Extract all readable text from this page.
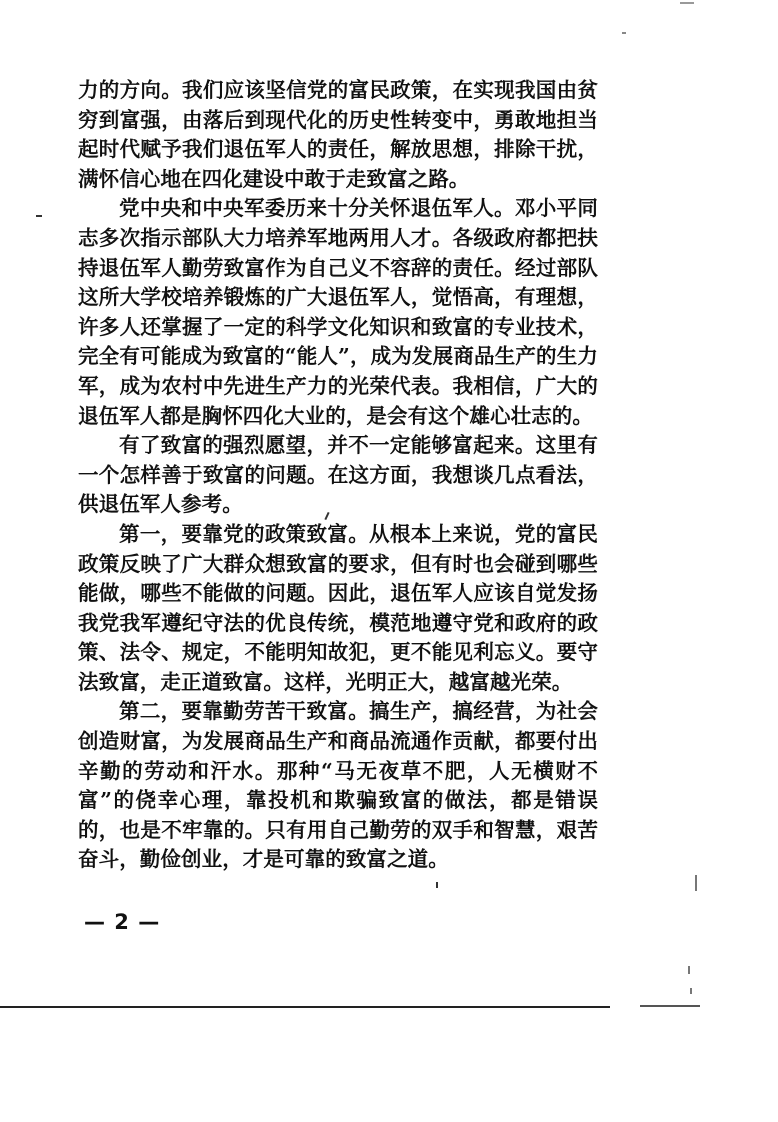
力的方向。我们应该坚信党的富民政策，在实现我国由贫穷到富强，由落后到现代化的历史性转变中，勇敢地担当起时代赋予我们退伍军人的责任，解放思想，排除干扰，满怀信心地在四化建设中敢于走致富之路。

党中央和中央军委历来十分关怀退伍军人。邓小平同志多次指示部队大力培养军地两用人才。各级政府都把扶持退伍军人勤劳致富作为自己义不容辞的责任。经过部队这所大学校培养锻炼的广大退伍军人，觉悟高，有理想，许多人还掌握了一定的科学文化知识和致富的专业技术，完全有可能成为致富的“能人”，成为发展商品生产的生力军，成为农村中先进生产力的光荣代表。我相信，广大的退伍军人都是胸怀四化大业的，是会有这个雄心壮志的。

有了致富的强烈愿望，并不一定能够富起来。这里有一个怎样善于致富的问题。在这方面，我想谈几点看法，供退伍军人参考。

第一，要靠党的政策致富。从根本上来说，党的富民政策反映了广大群众想致富的要求，但有时也会碰到哪些能做，哪些不能做的问题。因此，退伍军人应该自觉发扬我党我军遵纪守法的优良传统，模范地遵守党和政府的政策、法令、规定，不能明知故犯，更不能见利忘义。要守法致富，走正道致富。这样，光明正大，越富越光荣。

第二，要靠勤劳苦干致富。搞生产，搞经营，为社会创造财富，为发展商品生产和商品流通作贡献，都要付出辛勤的劳动和汗水。那种“马无夜草不肥，人无横财不富”的侥幸心理，靠投机和欺骗致富的做法，都是错误的，也是不牢靠的。只有用自己勤劳的双手和智慧，艰苦奋斗，勤俭创业，才是可靠的致富之道。

— 2 —
